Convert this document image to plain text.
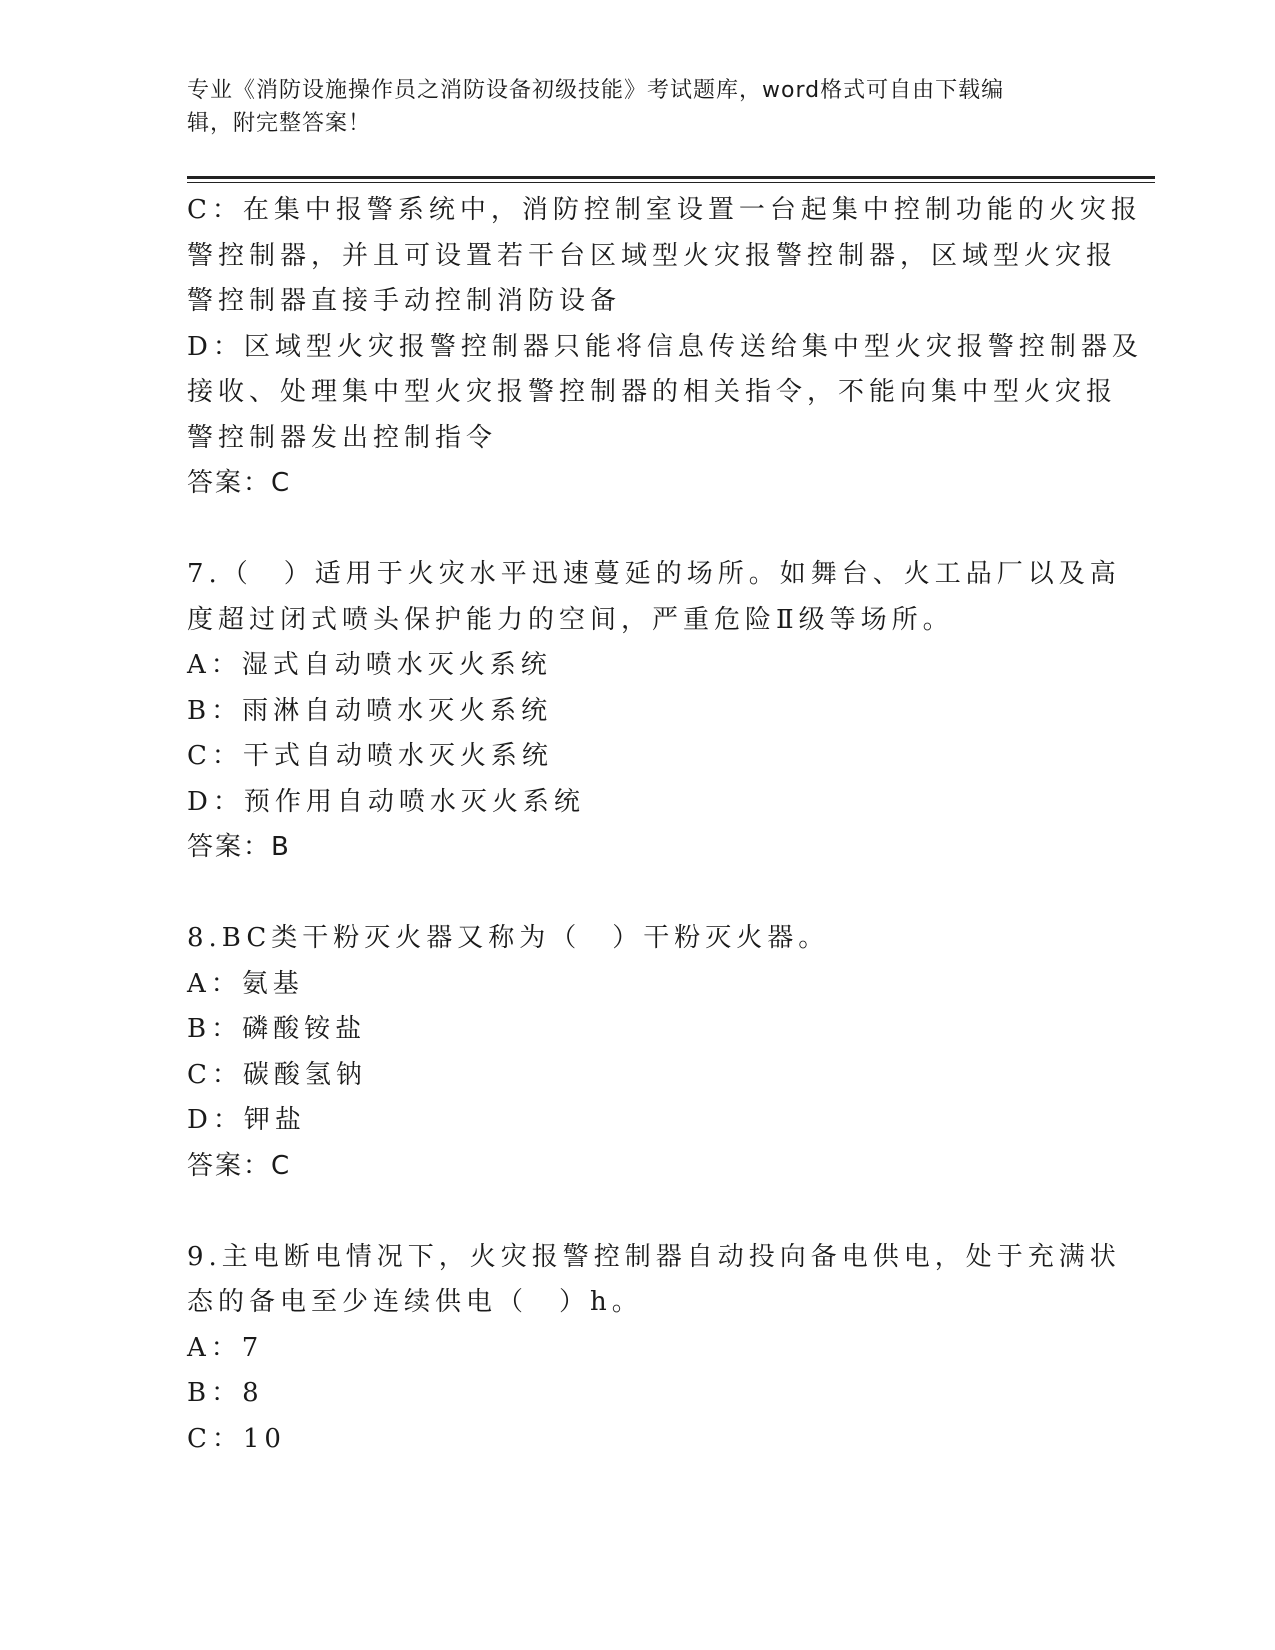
专业《消防设施操作员之消防设备初级技能》考试题库，word格式可自由下载编
辑，附完整答案！
C：在集中报警系统中，消防控制室设置一台起集中控制功能的火灾报
警控制器，并且可设置若干台区域型火灾报警控制器，区域型火灾报
警控制器直接手动控制消防设备
D：区域型火灾报警控制器只能将信息传送给集中型火灾报警控制器及
接收、处理集中型火灾报警控制器的相关指令，不能向集中型火灾报
警控制器发出控制指令
答案：C
7.（　）适用于火灾水平迅速蔓延的场所。如舞台、火工品厂以及高
度超过闭式喷头保护能力的空间，严重危险Ⅱ级等场所。
A：湿式自动喷水灭火系统
B：雨淋自动喷水灭火系统
C：干式自动喷水灭火系统
D：预作用自动喷水灭火系统
答案：B
8.BC类干粉灭火器又称为（　）干粉灭火器。
A：氨基
B：磷酸铵盐
C：碳酸氢钠
D：钾盐
答案：C
9.主电断电情况下，火灾报警控制器自动投向备电供电，处于充满状
态的备电至少连续供电（　）h。
A：7
B：8
C：10
